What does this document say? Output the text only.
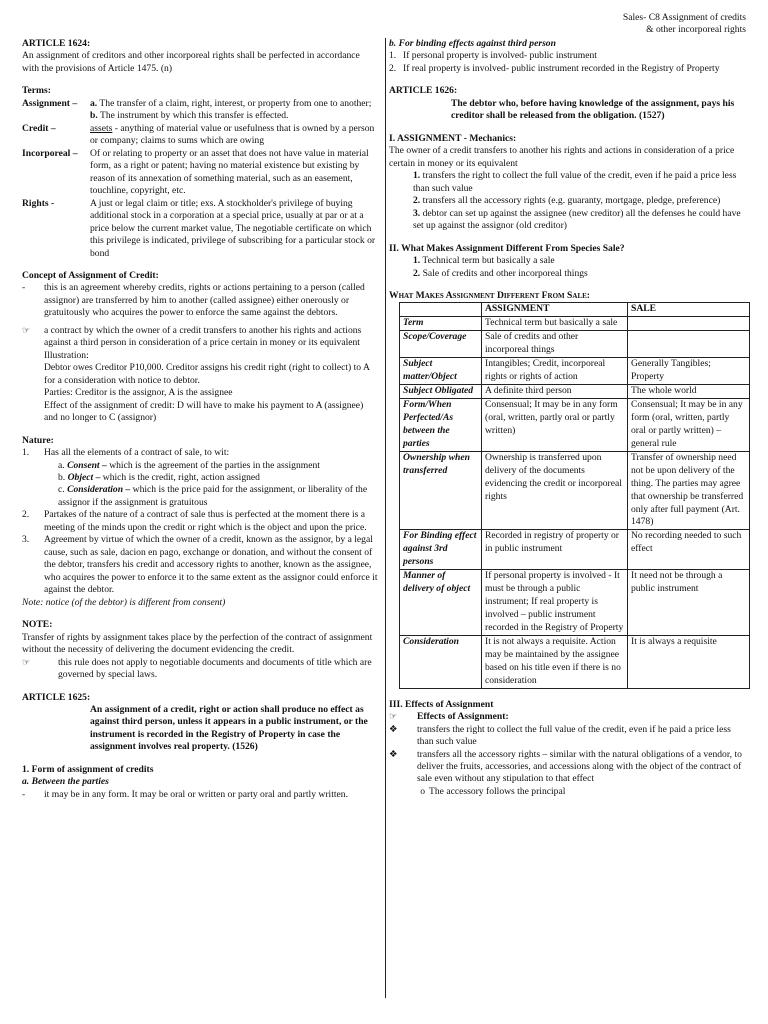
Sales- C8 Assignment of credits
& other incorporeal rights

ARTICLE 1624:

An assignment of creditors and other incorporeal rights shall be perfected in accordance with the provisions of Article 1475. (n)

Terms:

Assignment –	a. The transfer of a claim, right, interest, or property from one to another;
b. The instrument by which this transfer is effected.
Credit –	assets - anything of material value or usefulness that is owned by a person or company; claims to sums which are owing
Incorporeal –	Of or relating to property or an asset that does not have value in material form, as a right or patent; having no material existence but existing by reason of its annexation of something material, such as an easement, touchline, copyright, etc.
Rights -	A just or legal claim or title; exs. A stockholder's privilege of buying additional stock in a corporation at a special price, usually at par or at a price below the current market value, The negotiable certificate on which this privilege is indicated, privilege of subscribing for a particular stock or bond

Concept of Assignment of Credit:

-	this is an agreement whereby credits, rights or actions pertaining to a person (called assignor) are transferred by him to another (called assignee) either onerously or gratuitously who acquires the power to enforce the same against the debtors.
☞	a contract by which the owner of a credit transfers to another his rights and actions against a third person in consideration of a price certain in money or its equivalent

Illustration:

Debtor owes Creditor P10,000. Creditor assigns his credit right (right to collect) to A for a consideration with notice to debtor.

Parties: Creditor is the assignor, A is the assignee

Effect of the assignment of credit: D will have to make his payment to A (assignee) and no longer to C (assignor)

Nature:

1.	Has all the elements of a contract of sale, to wit:
a. Consent – which is the agreement of the parties in the assignment
b. Object – which is the credit, right, action assigned
c. Consideration – which is the price paid for the assignment, or liberality of the assignor if the assignment is gratuitous
2.	Partakes of the nature of a contract of sale thus is perfected at the moment there is a meeting of the minds upon the credit or right which is the object and upon the price.
3.	Agreement by virtue of which the owner of a credit, known as the assignor, by a legal cause, such as sale, dacion en pago, exchange or donation, and without the consent of the debtor, transfers his credit and accessory rights to another, known as the assignee, who acquires the power to enforce it to the same extent as the assignor could enforce it against the debtor.

Note: notice (of the debtor) is different from consent)

NOTE:

Transfer of rights by assignment takes place by the perfection of the contract of assignment without the necessity of delivering the document evidencing the credit.

☞	this rule does not apply to negotiable documents and documents of title which are governed by special laws.

ARTICLE 1625:

An assignment of a credit, right or action shall produce no effect as against third person, unless it appears in a public instrument, or the instrument is recorded in the Registry of Property in case the assignment involves real property. (1526)

1. Form of assignment of credits

a. Between the parties

-	it may be in any form. It may be oral or written or party oral and partly written.

b. For binding effects against third person

1. If personal property is involved- public instrument
2. If real property is involved- public instrument recorded in the Registry of Property

ARTICLE 1626:

The debtor who, before having knowledge of the assignment, pays his creditor shall be released from the obligation. (1527)

I. ASSIGNMENT - Mechanics:

The owner of a credit transfers to another his rights and actions in consideration of a price certain in money or its equivalent

1. transfers the right to collect the full value of the credit, even if he paid a price less than such value

2. transfers all the accessory rights (e.g. guaranty, mortgage, pledge, preference)

3. debtor can set up against the assignee (new creditor) all the defenses he could have set up against the assignor (old creditor)

II. What Makes Assignment Different From Species Sale?

1. Technical term but basically a sale

2. Sale of credits and other incorporeal things

What Makes Assignment Different From Sale:

	ASSIGNMENT	SALE
Term	Technical term but basically a sale	
Scope/Coverage	Sale of credits and other incorporeal things	
Subject matter/Object	Intangibles; Credit, incorporeal rights or rights of action	Generally Tangibles; Property
Subject Obligated	A definite third person	The whole world
Form/When Perfected/As between the parties	Consensual; It may be in any form (oral, written, partly oral or partly written)	Consensual; It may be in any form (oral, written, partly oral or partly written) – general rule
Ownership when transferred	Ownership is transferred upon delivery of the documents evidencing the credit or incorporeal rights	Transfer of ownership need not be upon delivery of the thing. The parties may agree that ownership be transferred only after full payment (Art. 1478)
For Binding effect against 3rd persons	Recorded in registry of property or in public instrument	No recording needed to such effect
Manner of delivery of object	If personal property is involved - It must be through a public instrument; If real property is involved – public instrument recorded in the Registry of Property	It need not be through a public instrument
Consideration	It is not always a requisite. Action may be maintained by the assignee based on his title even if there is no consideration	It is always a requisite

III. Effects of Assignment

☞	Effects of Assignment:
❖	transfers the right to collect the full value of the credit, even if he paid a price less than such value
❖	transfers all the accessory rights – similar with the natural obligations of a vendor, to deliver the fruits, accessories, and accessions along with the object of the contract of sale even without any stipulation to that effect
o The accessory follows the principal
